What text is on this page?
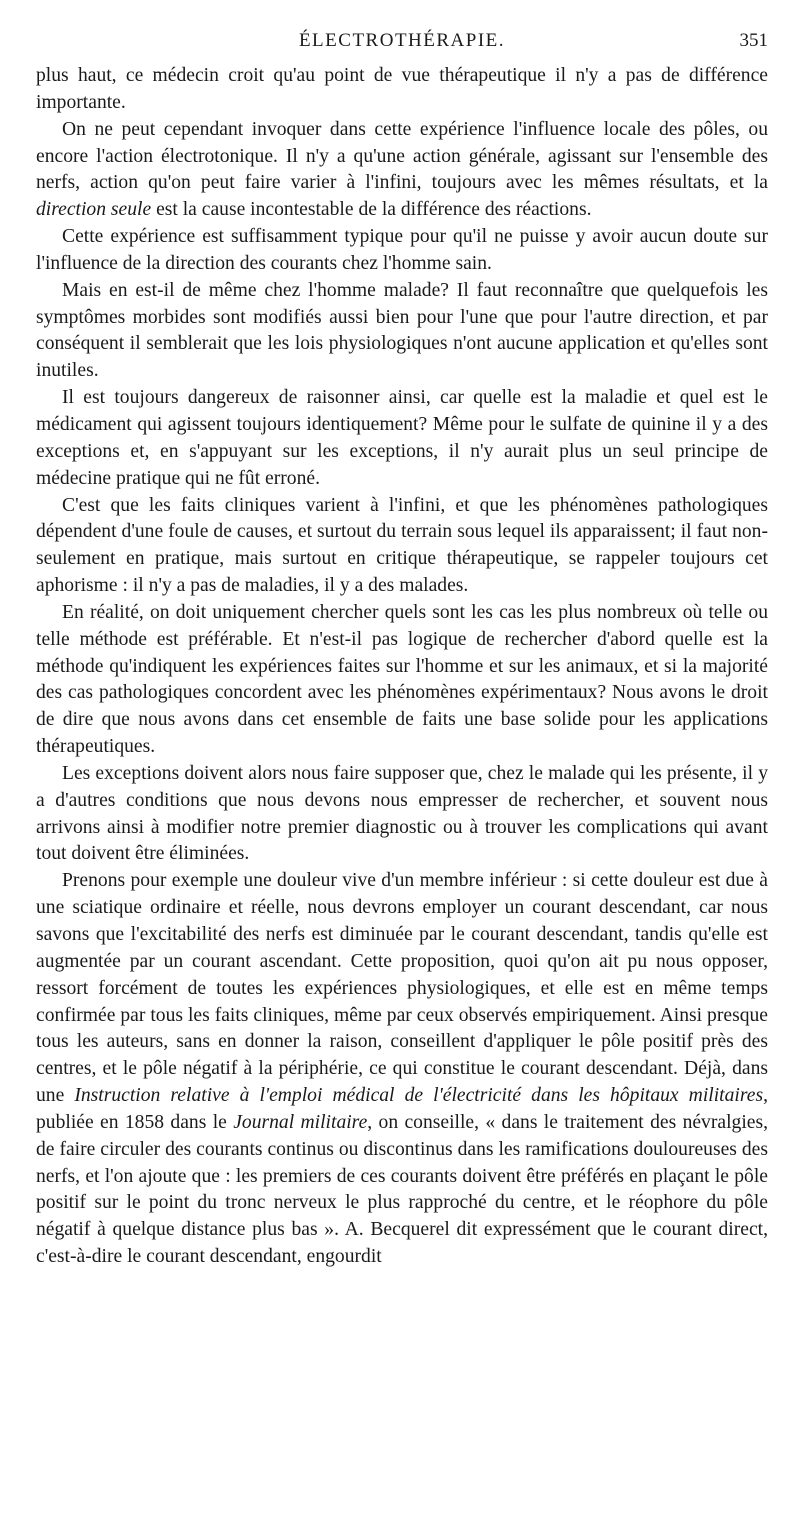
ÉLECTROTHÉRAPIE.	351

plus haut, ce médecin croit qu'au point de vue thérapeutique il n'y a pas de différence importante.

On ne peut cependant invoquer dans cette expérience l'influence locale des pôles, ou encore l'action électrotonique. Il n'y a qu'une action générale, agissant sur l'ensemble des nerfs, action qu'on peut faire varier à l'infini, toujours avec les mêmes résultats, et la direction seule est la cause incontestable de la différence des réactions.

Cette expérience est suffisamment typique pour qu'il ne puisse y avoir aucun doute sur l'influence de la direction des courants chez l'homme sain.

Mais en est-il de même chez l'homme malade? Il faut reconnaître que quelquefois les symptômes morbides sont modifiés aussi bien pour l'une que pour l'autre direction, et par conséquent il semblerait que les lois physiologiques n'ont aucune application et qu'elles sont inutiles.

Il est toujours dangereux de raisonner ainsi, car quelle est la maladie et quel est le médicament qui agissent toujours identiquement? Même pour le sulfate de quinine il y a des exceptions et, en s'appuyant sur les exceptions, il n'y aurait plus un seul principe de médecine pratique qui ne fût erroné.

C'est que les faits cliniques varient à l'infini, et que les phénomènes pathologiques dépendent d'une foule de causes, et surtout du terrain sous lequel ils apparaissent; il faut non-seulement en pratique, mais surtout en critique thérapeutique, se rappeler toujours cet aphorisme : il n'y a pas de maladies, il y a des malades.

En réalité, on doit uniquement chercher quels sont les cas les plus nombreux où telle ou telle méthode est préférable. Et n'est-il pas logique de rechercher d'abord quelle est la méthode qu'indiquent les expériences faites sur l'homme et sur les animaux, et si la majorité des cas pathologiques concordent avec les phénomènes expérimentaux? Nous avons le droit de dire que nous avons dans cet ensemble de faits une base solide pour les applications thérapeutiques.

Les exceptions doivent alors nous faire supposer que, chez le malade qui les présente, il y a d'autres conditions que nous devons nous empresser de rechercher, et souvent nous arrivons ainsi à modifier notre premier diagnostic ou à trouver les complications qui avant tout doivent être éliminées.

Prenons pour exemple une douleur vive d'un membre inférieur : si cette douleur est due à une sciatique ordinaire et réelle, nous devrons employer un courant descendant, car nous savons que l'excitabilité des nerfs est diminuée par le courant descendant, tandis qu'elle est augmentée par un courant ascendant. Cette proposition, quoi qu'on ait pu nous opposer, ressort forcément de toutes les expériences physiologiques, et elle est en même temps confirmée par tous les faits cliniques, même par ceux observés empiriquement. Ainsi presque tous les auteurs, sans en donner la raison, conseillent d'appliquer le pôle positif près des centres, et le pôle négatif à la périphérie, ce qui constitue le courant descendant. Déjà, dans une Instruction relative à l'emploi médical de l'électricité dans les hôpitaux militaires, publiée en 1858 dans le Journal militaire, on conseille, « dans le traitement des névralgies, de faire circuler des courants continus ou discontinus dans les ramifications douloureuses des nerfs, et l'on ajoute que : les premiers de ces courants doivent être préférés en plaçant le pôle positif sur le point du tronc nerveux le plus rapproché du centre, et le réophore du pôle négatif à quelque distance plus bas ». A. Becquerel dit expressément que le courant direct, c'est-à-dire le courant descendant, engourdit
